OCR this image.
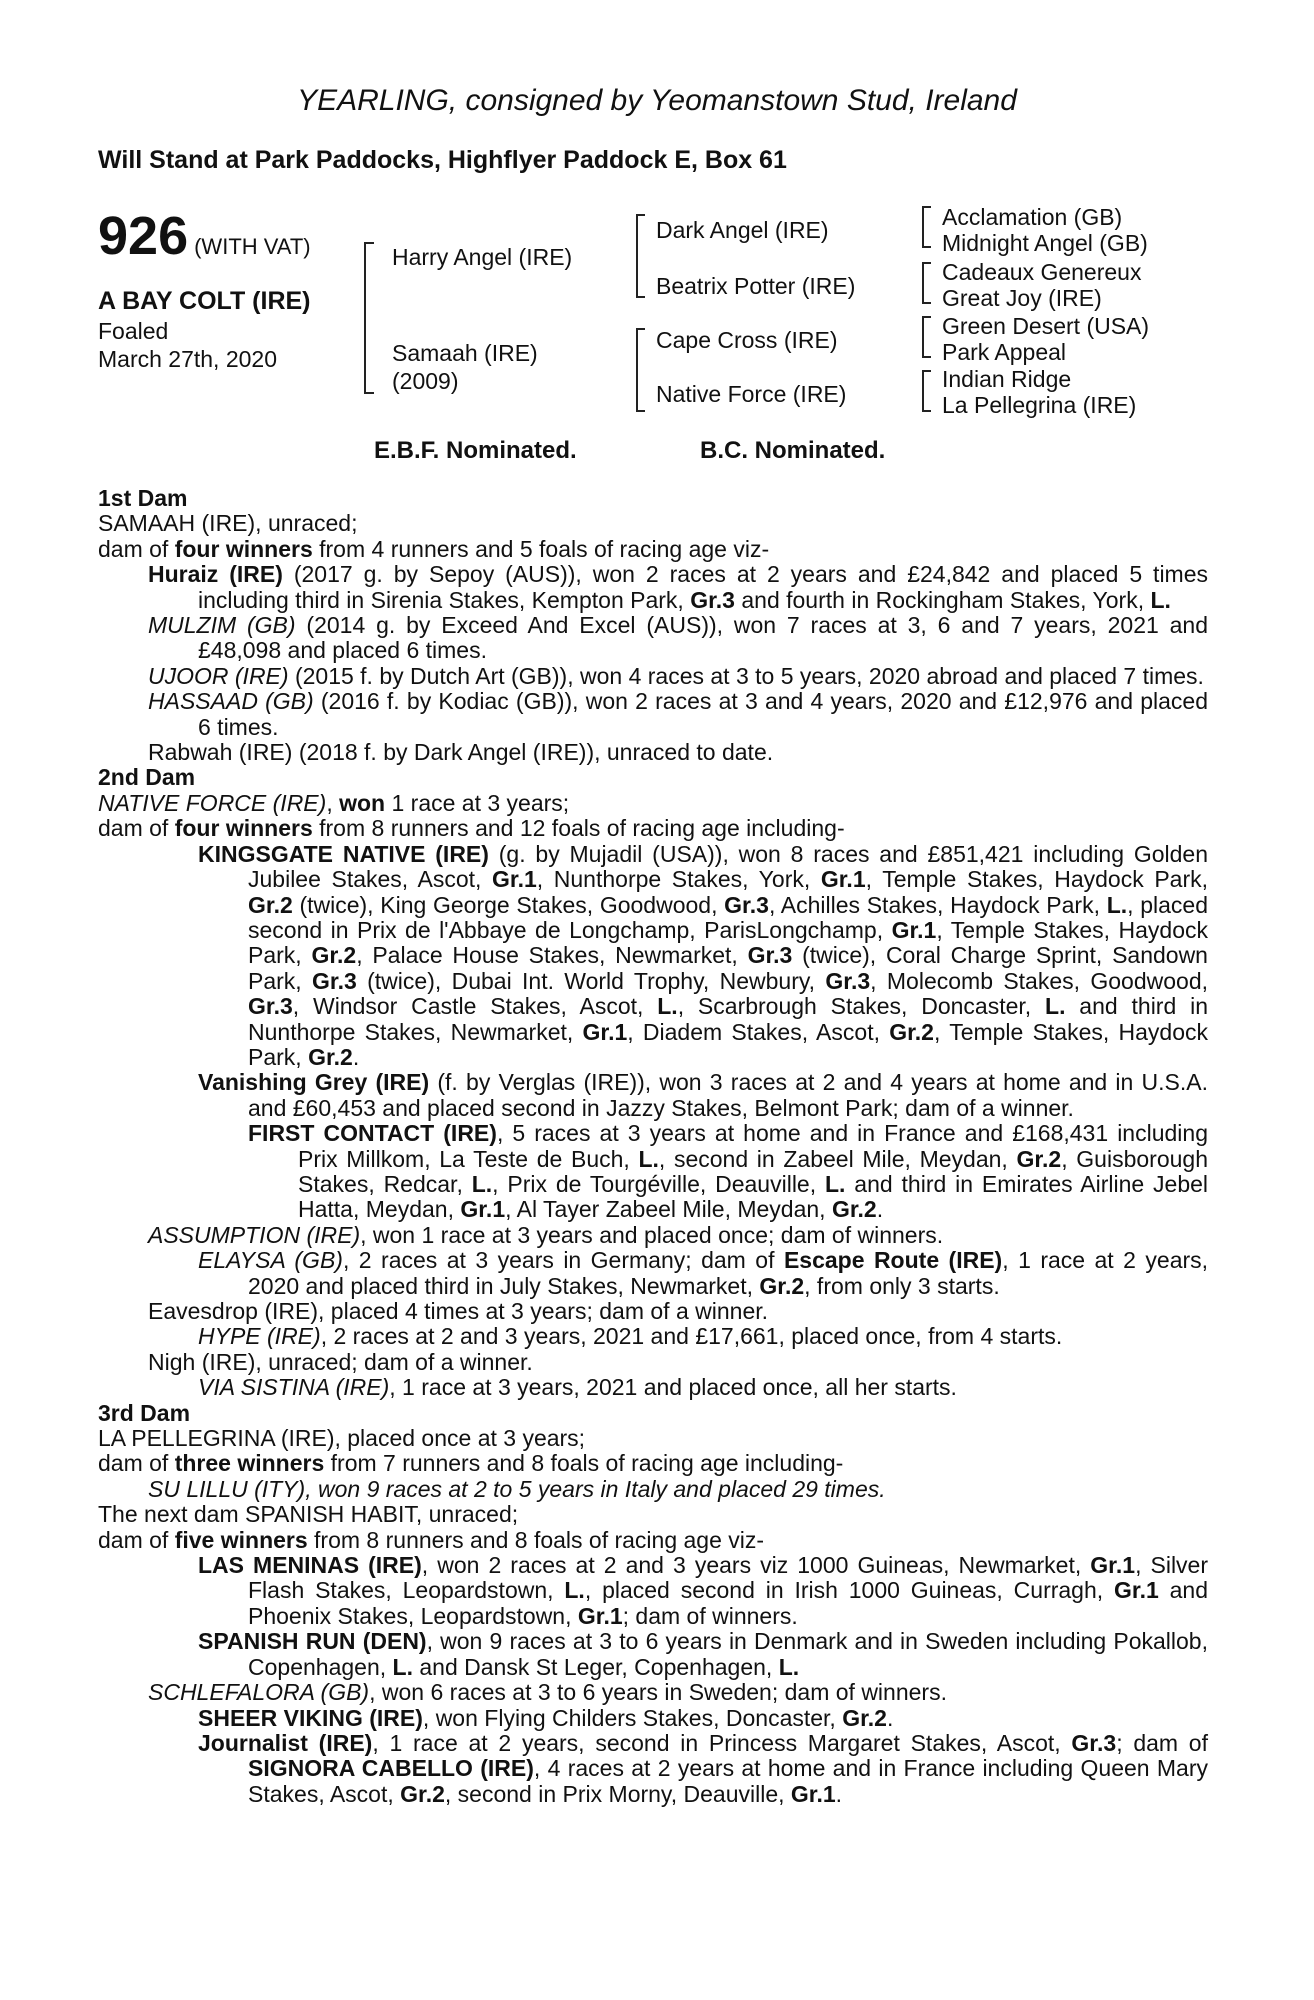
YEARLING, consigned by Yeomanstown Stud, Ireland
Will Stand at Park Paddocks, Highflyer Paddock E, Box 61
926 (WITH VAT)
A BAY COLT (IRE)
Foaled
March 27th, 2020
Harry Angel (IRE)
Samaah (IRE)
(2009)
Dark Angel (IRE)
Beatrix Potter (IRE)
Cape Cross (IRE)
Native Force (IRE)
Acclamation (GB)
Midnight Angel (GB)
Cadeaux Genereux
Great Joy (IRE)
Green Desert (USA)
Park Appeal
Indian Ridge
La Pellegrina (IRE)
E.B.F. Nominated.	B.C. Nominated.
1st Dam

SAMAAH (IRE), unraced;

dam of four winners from 4 runners and 5 foals of racing age viz-

Huraiz (IRE) (2017 g. by Sepoy (AUS)), won 2 races at 2 years and £24,842 and placed 5 times including third in Sirenia Stakes, Kempton Park, Gr.3 and fourth in Rockingham Stakes, York, L.

MULZIM (GB) (2014 g. by Exceed And Excel (AUS)), won 7 races at 3, 6 and 7 years, 2021 and £48,098 and placed 6 times.

UJOOR (IRE) (2015 f. by Dutch Art (GB)), won 4 races at 3 to 5 years, 2020 abroad and placed 7 times.

HASSAAD (GB) (2016 f. by Kodiac (GB)), won 2 races at 3 and 4 years, 2020 and £12,976 and placed 6 times.

Rabwah (IRE) (2018 f. by Dark Angel (IRE)), unraced to date.

2nd Dam

NATIVE FORCE (IRE), won 1 race at 3 years;

dam of four winners from 8 runners and 12 foals of racing age including-

KINGSGATE NATIVE (IRE) (g. by Mujadil (USA)), won 8 races and £851,421 including Golden Jubilee Stakes, Ascot, Gr.1, Nunthorpe Stakes, York, Gr.1, Temple Stakes, Haydock Park, Gr.2 (twice), King George Stakes, Goodwood, Gr.3, Achilles Stakes, Haydock Park, L., placed second in Prix de l'Abbaye de Longchamp, ParisLongchamp, Gr.1, Temple Stakes, Haydock Park, Gr.2, Palace House Stakes, Newmarket, Gr.3 (twice), Coral Charge Sprint, Sandown Park, Gr.3 (twice), Dubai Int. World Trophy, Newbury, Gr.3, Molecomb Stakes, Goodwood, Gr.3, Windsor Castle Stakes, Ascot, L., Scarbrough Stakes, Doncaster, L. and third in Nunthorpe Stakes, Newmarket, Gr.1, Diadem Stakes, Ascot, Gr.2, Temple Stakes, Haydock Park, Gr.2.

Vanishing Grey (IRE) (f. by Verglas (IRE)), won 3 races at 2 and 4 years at home and in U.S.A. and £60,453 and placed second in Jazzy Stakes, Belmont Park; dam of a winner.

FIRST CONTACT (IRE), 5 races at 3 years at home and in France and £168,431 including Prix Millkom, La Teste de Buch, L., second in Zabeel Mile, Meydan, Gr.2, Guisborough Stakes, Redcar, L., Prix de Tourgéville, Deauville, L. and third in Emirates Airline Jebel Hatta, Meydan, Gr.1, Al Tayer Zabeel Mile, Meydan, Gr.2.

ASSUMPTION (IRE), won 1 race at 3 years and placed once; dam of winners.

ELAYSA (GB), 2 races at 3 years in Germany; dam of Escape Route (IRE), 1 race at 2 years, 2020 and placed third in July Stakes, Newmarket, Gr.2, from only 3 starts.

Eavesdrop (IRE), placed 4 times at 3 years; dam of a winner.

HYPE (IRE), 2 races at 2 and 3 years, 2021 and £17,661, placed once, from 4 starts.

Nigh (IRE), unraced; dam of a winner.

VIA SISTINA (IRE), 1 race at 3 years, 2021 and placed once, all her starts.

3rd Dam

LA PELLEGRINA (IRE), placed once at 3 years;

dam of three winners from 7 runners and 8 foals of racing age including-

SU LILLU (ITY), won 9 races at 2 to 5 years in Italy and placed 29 times.

The next dam SPANISH HABIT, unraced;

dam of five winners from 8 runners and 8 foals of racing age viz-

LAS MENINAS (IRE), won 2 races at 2 and 3 years viz 1000 Guineas, Newmarket, Gr.1, Silver Flash Stakes, Leopardstown, L., placed second in Irish 1000 Guineas, Curragh, Gr.1 and Phoenix Stakes, Leopardstown, Gr.1; dam of winners.

SPANISH RUN (DEN), won 9 races at 3 to 6 years in Denmark and in Sweden including Pokallob, Copenhagen, L. and Dansk St Leger, Copenhagen, L.

SCHLEFALORA (GB), won 6 races at 3 to 6 years in Sweden; dam of winners.

SHEER VIKING (IRE), won Flying Childers Stakes, Doncaster, Gr.2.

Journalist (IRE), 1 race at 2 years, second in Princess Margaret Stakes, Ascot, Gr.3; dam of SIGNORA CABELLO (IRE), 4 races at 2 years at home and in France including Queen Mary Stakes, Ascot, Gr.2, second in Prix Morny, Deauville, Gr.1.
